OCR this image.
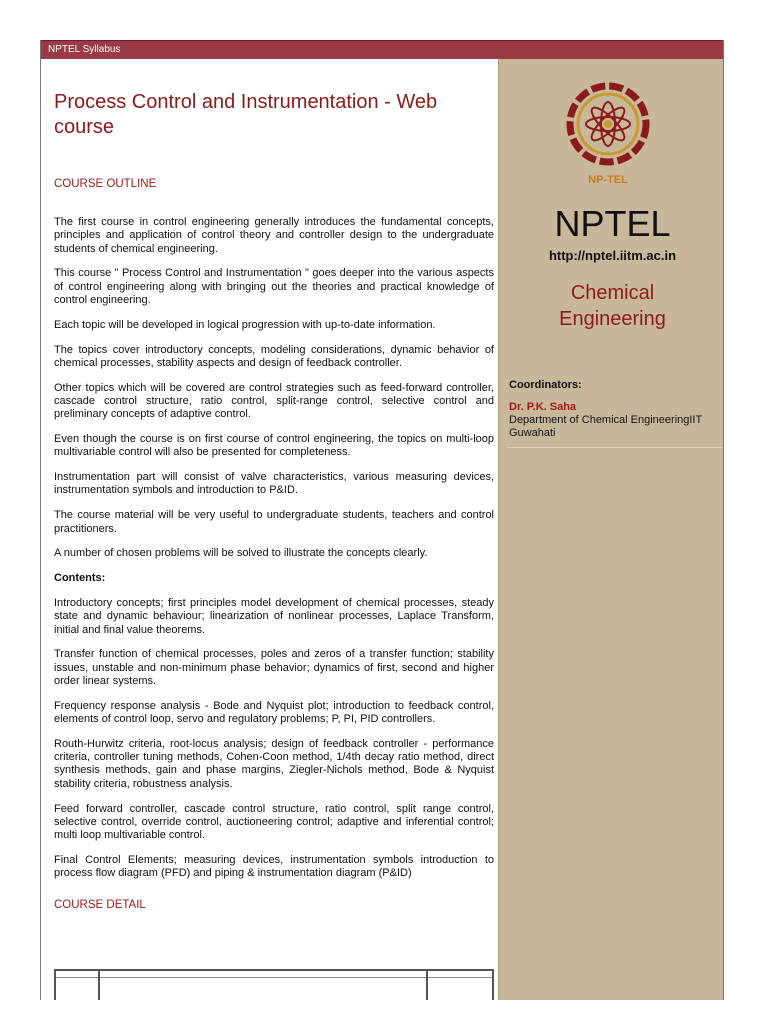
NPTEL Syllabus
Process Control and Instrumentation - Web course

COURSE OUTLINE

The first course in control engineering generally introduces the fundamental concepts, principles and application of control theory and controller design to the undergraduate students of chemical engineering.

This course " Process Control and Instrumentation " goes deeper into the various aspects of control engineering along with bringing out the theories and practical knowledge of control engineering.

Each topic will be developed in logical progression with up-to-date information.

The topics cover introductory concepts, modeling considerations, dynamic behavior of chemical processes, stability aspects and design of feedback controller.

Other topics which will be covered are control strategies such as feed-forward controller, cascade control structure, ratio control, split-range control, selective control and preliminary concepts of adaptive control.

Even though the course is on first course of control engineering, the topics on multi-loop multivariable control will also be presented for completeness.

Instrumentation part will consist of valve characteristics, various measuring devices, instrumentation symbols and introduction to P&ID.

The course material will be very useful to undergraduate students, teachers and control practitioners.

A number of chosen problems will be solved to illustrate the concepts clearly.

Contents:

Introductory concepts; first principles model development of chemical processes, steady state and dynamic behaviour; linearization of nonlinear processes, Laplace Transform, initial and final value theorems.

Transfer function of chemical processes, poles and zeros of a transfer function; stability issues, unstable and non-minimum phase behavior; dynamics of first, second and higher order linear systems.

Frequency response analysis - Bode and Nyquist plot; introduction to feedback control, elements of control loop, servo and regulatory problems; P, PI, PID controllers.

Routh-Hurwitz criteria, root-locus analysis; design of feedback controller - performance criteria, controller tuning methods, Cohen-Coon method, 1/4th decay ratio method, direct synthesis methods, gain and phase margins, Ziegler-Nichols method, Bode & Nyquist stability criteria, robustness analysis.

Feed forward controller, cascade control structure, ratio control, split range control, selective control, override control, auctioneering control; adaptive and inferential control; multi loop multivariable control.

Final Control Elements; measuring devices, instrumentation symbols introduction to process flow diagram (PFD) and piping & instrumentation diagram (P&ID)

COURSE DETAIL

NP-TEL
NPTEL
http://nptel.iitm.ac.in
Chemical Engineering
Coordinators:
Dr. P.K. Saha
Department of Chemical EngineeringIIT Guwahati
